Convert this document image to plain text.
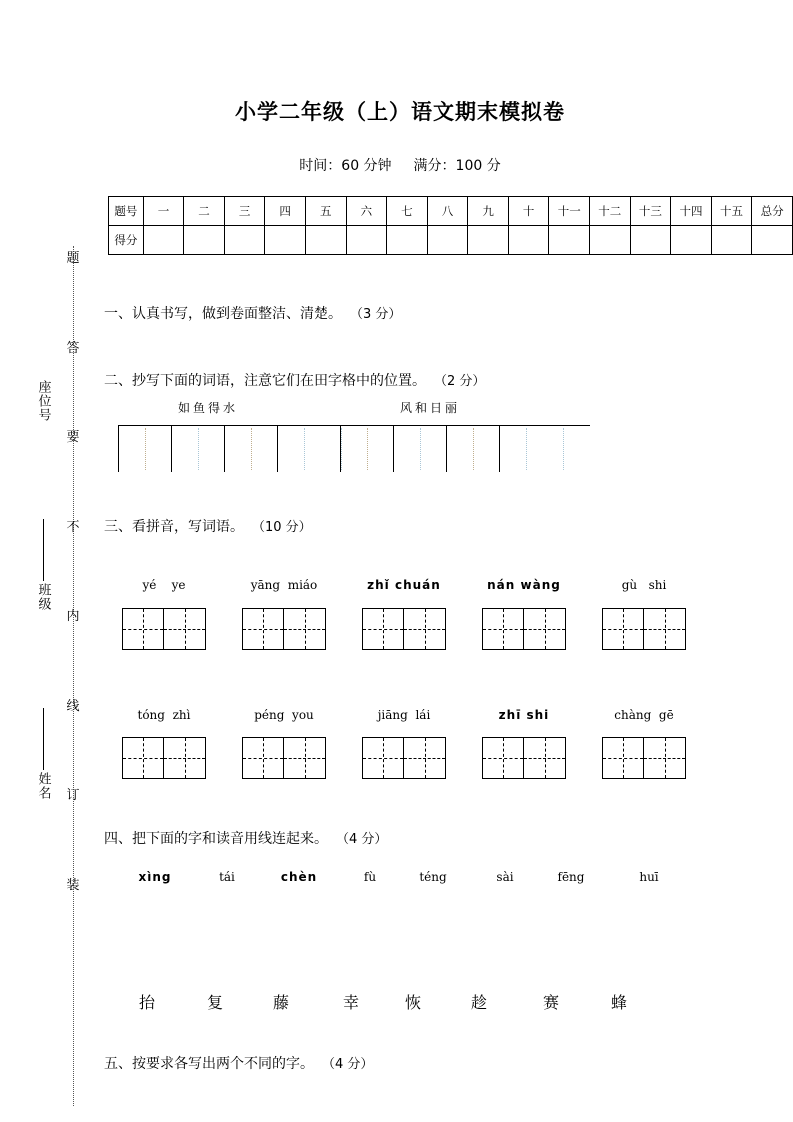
装
订
线
内
不
要
答
题
姓名
班级
座位号
小学二年级（上）语文期末模拟卷
时间：60 分钟 满分：100 分
题号	一	二	三	四	五	六	七	八	九	十	十一	十二	十三	十四	十五	总分
得分																
一、认真书写，做到卷面整洁、清楚。 （3 分）
二、抄写下面的词语，注意它们在田字格中的位置。 （2 分）
如鱼得水	风和日丽
三、看拼音，写词语。 （10 分）
yé ye	yāng miáo	zhǐ chuán	nán wàng	gù shi
tóng zhì	péng you	jiāng lái	zhī shi	chàng gē
四、把下面的字和读音用线连起来。 （4 分）
xìng	tái	chèn	fù	téng	sài	fēng	huī
抬	复	藤	幸	恢	趁	赛	蜂
五、按要求各写出两个不同的字。 （4 分）
